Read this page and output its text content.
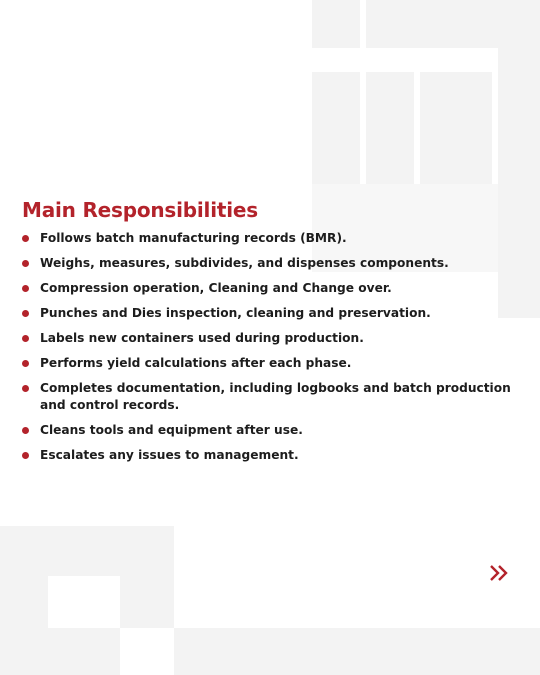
Main Responsibilities
Follows batch manufacturing records (BMR).
Weighs, measures, subdivides, and dispenses components.
Compression operation, Cleaning and Change over.
Punches and Dies inspection, cleaning and preservation.
Labels new containers used during production.
Performs yield calculations after each phase.
Completes documentation, including logbooks and batch production and control records.
Cleans tools and equipment after use.
Escalates any issues to management.
